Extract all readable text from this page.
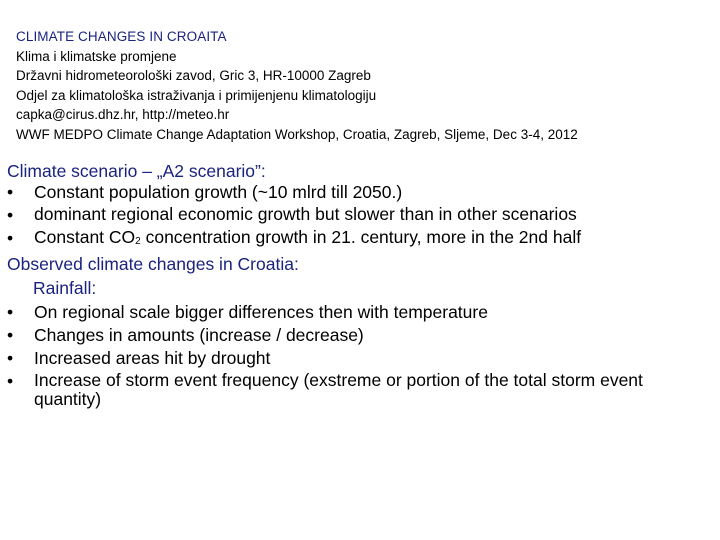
CLIMATE CHANGES IN CROAITA
Klima i klimatske promjene
Državni hidrometeorološki zavod, Gric 3, HR-10000 Zagreb
Odjel za klimatološka istraživanja i primijenjenu klimatologiju
capka@cirus.dhz.hr, http://meteo.hr
WWF MEDPO Climate Change Adaptation Workshop, Croatia, Zagreb, Sljeme, Dec 3-4, 2012
Climate scenario – „A2 scenario”:
•	Constant population growth (~10 mlrd till 2050.)
•	dominant regional economic growth but slower than in other scenarios
•	Constant $CO_2$ concentration growth in 21. century, more in the 2nd half
Observed climate changes in Croatia:
Rainfall:
•	On regional scale bigger differences then with temperature
•	Changes in amounts (increase / decrease)
•	Increased areas hit by drought
•	Increase of storm event frequency (exstreme or portion of the total storm event quantity)
